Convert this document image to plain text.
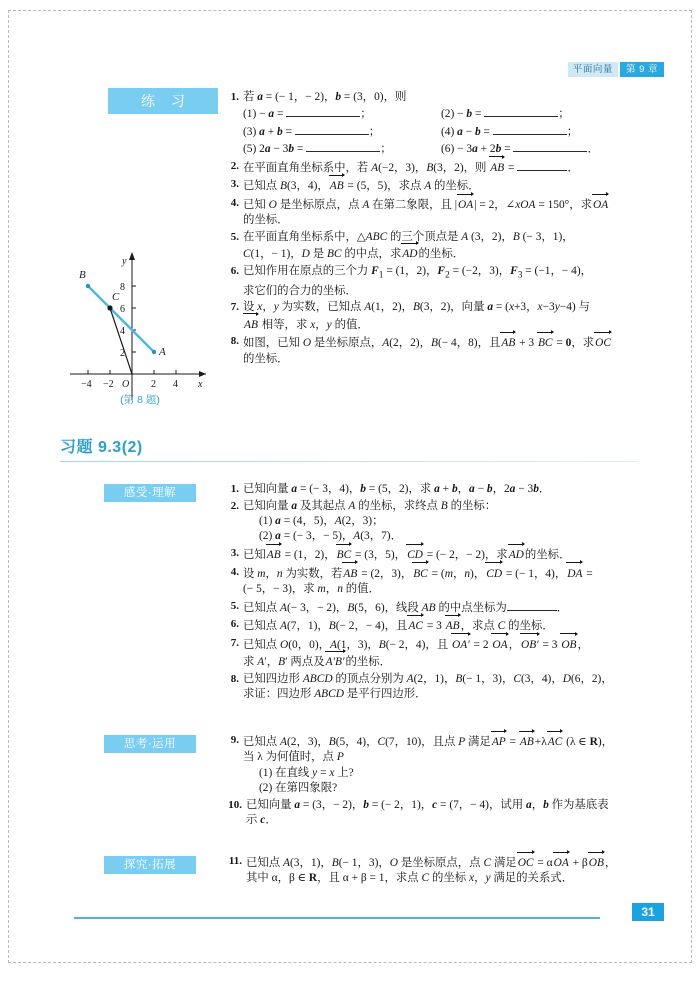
平面向量	第 9 章
练 习	1. 若 a = (− 1，− 2)，b = (3，0)，则
(1) − a =	；	(2) − b =	；
(3) a + b =	；	(4) a − b =	；
(5) 2a − 3b =	；	(6) − 3a + 2b =	．
2. 在平面直角坐标系中，若 A(−2，3)，B(3，2)，则 AB =	．
3. 已知点 B(3，4)，AB = (5，5)，求点 A 的坐标．
4. 已知 O 是坐标原点，点 A 在第二象限，且 |OA| = 2，∠xOA = 150°，求OA
的坐标．
5. 在平面直角坐标系中，△ABC 的三个顶点是 A (3，2)，B (− 3，1)，
C(1，− 1)，D 是 BC 的中点，求AD的坐标．
6. 已知作用在原点的三个力 $F_1 = (1$，2)，$F_2 = (-2$，3)，$F_3 = (-1$，− 4)，
求它们的合力的坐标．
7. 设 x，y 为实数，已知点 A(1，2)，B(3，2)，向量 a = (x+3，x−3y−4) 与
AB 相等，求 x，y 的值．
8. 如图，已知 O 是坐标原点，A(2，2)，B(− 4，8)，且AB + 3 BC = 0，求OC
的坐标．
B
C
A
−4 −2	2 4
O
2
4
6
8
y
x
(第 8 题)
习题 9.3(2)
感受·理解
思考·运用
探究·拓展
1. 已知向量 a = (− 3，4)，b = (5，2)，求 a + b，a − b，2a − 3b．
2. 已知向量 a 及其起点 A 的坐标，求终点 B 的坐标：
(1) a = (4，5)，A(2，3)；
(2) a = (− 3，− 5)，A(3，7)．
3. 已知AB = (1，2)，BC = (3，5)，CD = (− 2，− 2)，求AD的坐标．
4. 设 m，n 为实数，若AB = (2，3)，BC = (m，n)，CD = (− 1，4)，DA =
(− 5，− 3)，求 m，n 的值．
5. 已知点 A(− 3，− 2)，B(5，6)，线段 AB 的中点坐标为	．
6. 已知点 A(7，1)，B(− 2，− 4)，且AC = 3 AB，求点 C 的坐标．
7. 已知点 O(0，0)，A(1，3)，B(− 2，4)，且 OA′ = 2 OA，OB′ = 3 OB，
求 A′，B′ 两点及A′B′的坐标．
8. 已知四边形 ABCD 的顶点分别为 A(2，1)，B(− 1，3)，C(3，4)，D(6，2)，
求证：四边形 ABCD 是平行四边形．
9. 已知点 A(2，3)，B(5，4)，C(7，10)，且点 P 满足AP = AB+λAC (λ ∈ R)，
当 λ 为何值时，点 P
(1) 在直线 y = x 上?
(2) 在第四象限?
10. 已知向量 a = (3，− 2)，b = (− 2，1)，c = (7，− 4)，试用 a，b 作为基底表
示 c．
11. 已知点 A(3，1)，B(− 1，3)，O 是坐标原点，点 C 满足OC = αOA + βOB，
其中 α，β ∈ R，且 α + β = 1，求点 C 的坐标 x，y 满足的关系式．
31
